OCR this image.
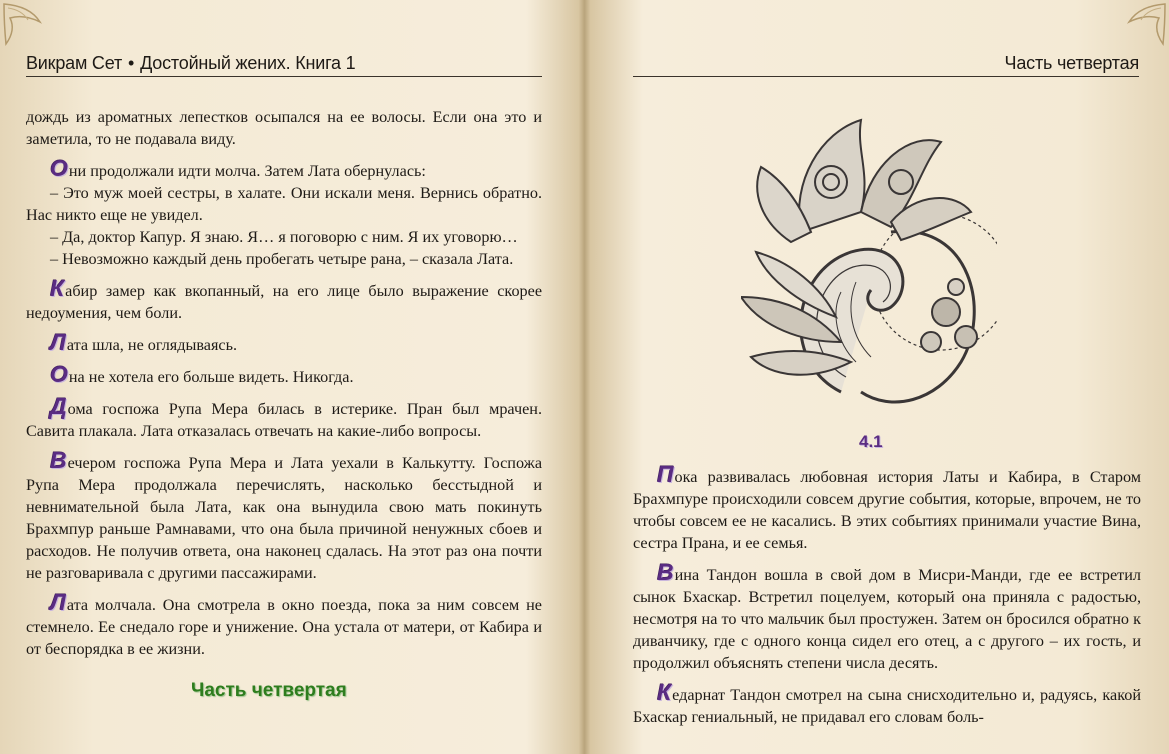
Викрам Сет • Достойный жених. Книга 1

дождь из ароматных лепестков осыпался на ее волосы. Если она это и заметила, то не подавала виду.

Они продолжали идти молча. Затем Лата обернулась:

– Это муж моей сестры, в халате. Они искали меня. Вернись обратно. Нас никто еще не увидел.

– Да, доктор Капур. Я знаю. Я… я поговорю с ним. Я их уговорю…

– Невозможно каждый день пробегать четыре рана, – сказала Лата.

Кабир замер как вкопанный, на его лице было выражение скорее недоумения, чем боли.

Лата шла, не оглядываясь.

Она не хотела его больше видеть. Никогда.

Дома госпожа Рупа Мера билась в истерике. Пран был мрачен. Савита плакала. Лата отказалась отвечать на какие-либо вопросы.

Вечером госпожа Рупа Мера и Лата уехали в Калькутту. Госпожа Рупа Мера продолжала перечислять, насколько бесстыдной и невнимательной была Лата, как она вынудила свою мать покинуть Брахмпур раньше Рамнавами, что она была причиной ненужных сбоев и расходов. Не получив ответа, она наконец сдалась. На этот раз она почти не разговаривала с другими пассажирами.

Лата молчала. Она смотрела в окно поезда, пока за ним совсем не стемнело. Ее снедало горе и унижение. Она устала от матери, от Кабира и от беспорядка в ее жизни.

Часть четвертая
Часть четвертая
4.1

Пока развивалась любовная история Латы и Кабира, в Старом Брахмпуре происходили совсем другие события, которые, впрочем, не то чтобы совсем ее не касались. В этих событиях принимали участие Вина, сестра Прана, и ее семья.

Вина Тандон вошла в свой дом в Мисри-Манди, где ее встретил сынок Бхаскар. Встретил поцелуем, который она приняла с радостью, несмотря на то что мальчик был простужен. Затем он бросился обратно к диванчику, где с одного конца сидел его отец, а с другого – их гость, и продолжил объяснять степени числа десять.

Кедарнат Тандон смотрел на сына снисходительно и, радуясь, какой Бхаскар гениальный, не придавал его словам боль-
